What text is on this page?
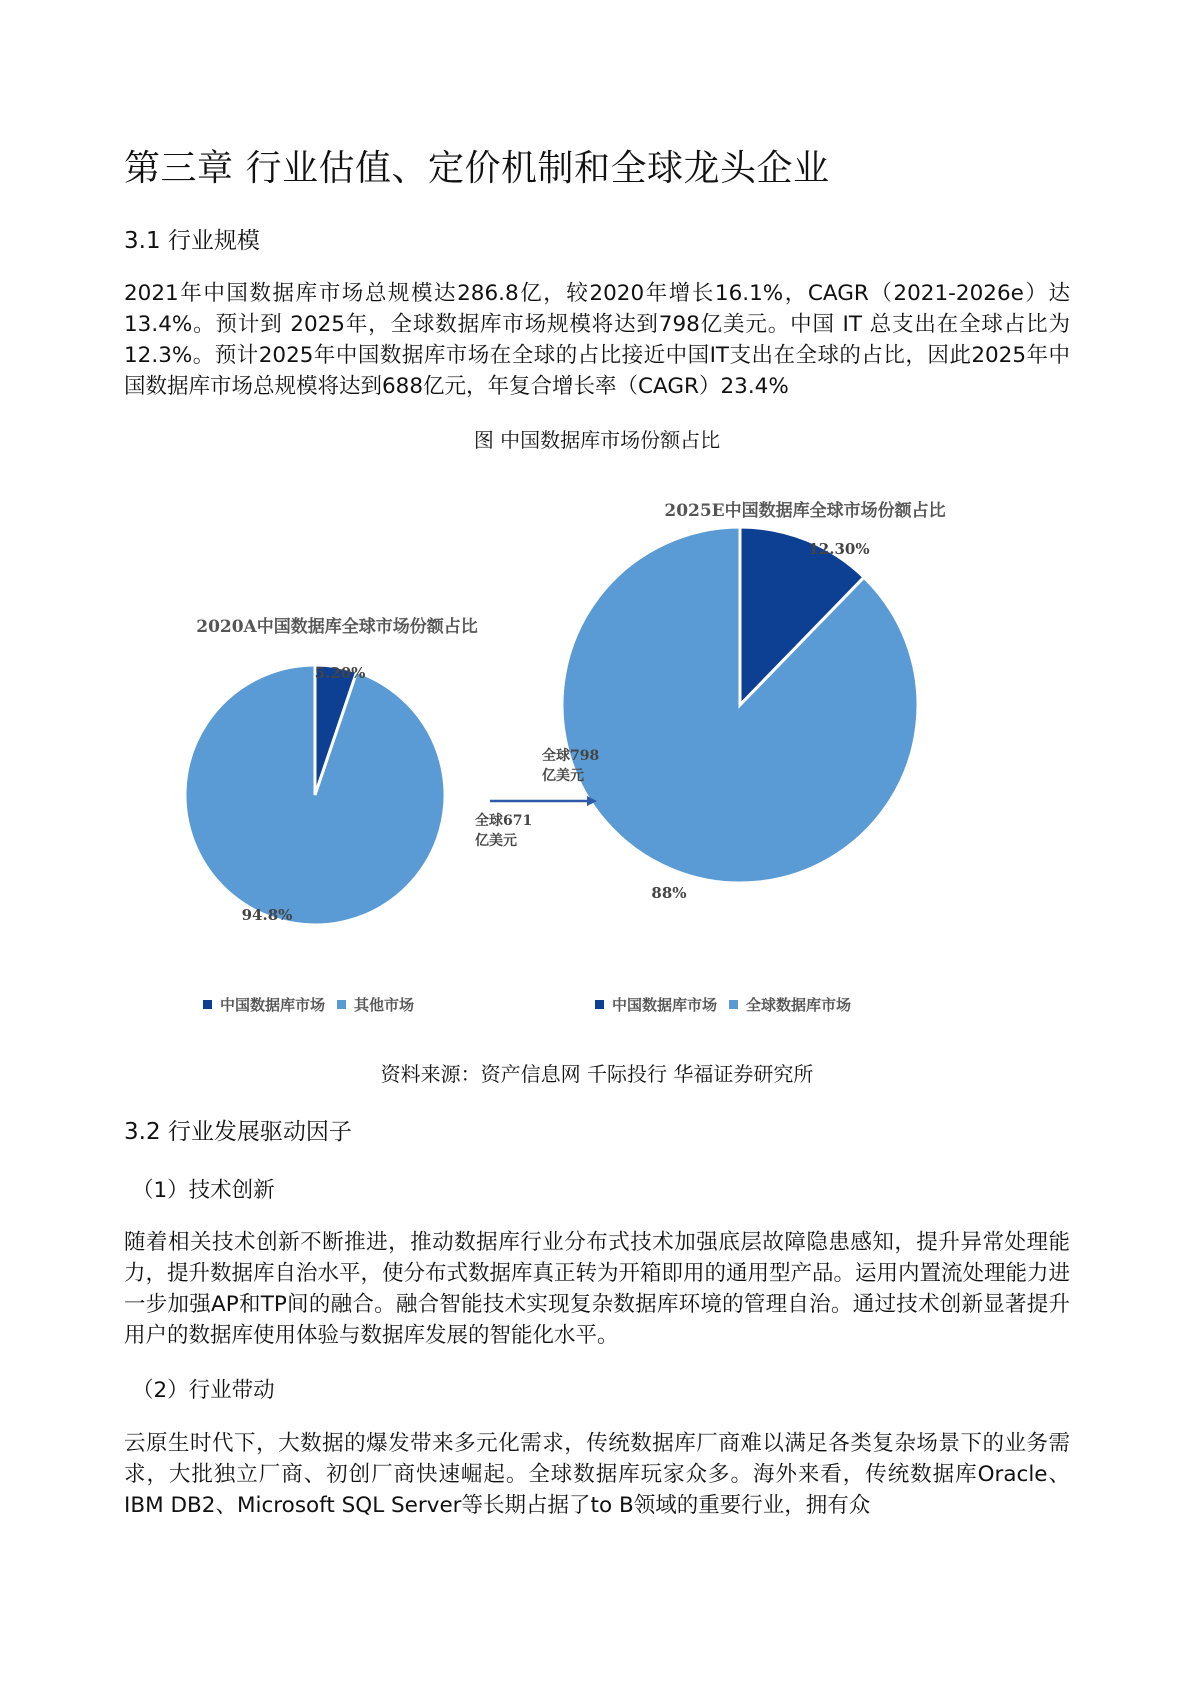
第三章 行业估值、定价机制和全球龙头企业
3.1 行业规模

2021年中国数据库市场总规模达286.8亿，较2020年增长16.1%，CAGR（2021-2026e）达13.4%。预计到 2025年，全球数据库市场规模将达到798亿美元。中国 IT 总支出在全球占比为12.3%。预计2025年中国数据库市场在全球的占比接近中国IT支出在全球的占比，因此2025年中国数据库市场总规模将达到688亿元，年复合增长率（CAGR）23.4%

图 中国数据库市场份额占比
资料来源：资产信息网 千际投行 华福证券研究所
3.2 行业发展驱动因子
（1）技术创新

随着相关技术创新不断推进，推动数据库行业分布式技术加强底层故障隐患感知，提升异常处理能力，提升数据库自治水平，使分布式数据库真正转为开箱即用的通用型产品。运用内置流处理能力进一步加强AP和TP间的融合。融合智能技术实现复杂数据库环境的管理自治。通过技术创新显著提升用户的数据库使用体验与数据库发展的智能化水平。

（2）行业带动

云原生时代下，大数据的爆发带来多元化需求，传统数据库厂商难以满足各类复杂场景下的业务需求，大批独立厂商、初创厂商快速崛起。全球数据库玩家众多。海外来看，传统数据库Oracle、IBM DB2、Microsoft SQL Server等长期占据了to B领域的重要行业，拥有众

2020A中国数据库全球市场份额占比
2025E中国数据库全球市场份额占比
5.20%
94.8%
12.30%
88%
全球798
亿美元
全球671
亿美元
中国数据库市场 其他市场	中国数据库市场 全球数据库市场
